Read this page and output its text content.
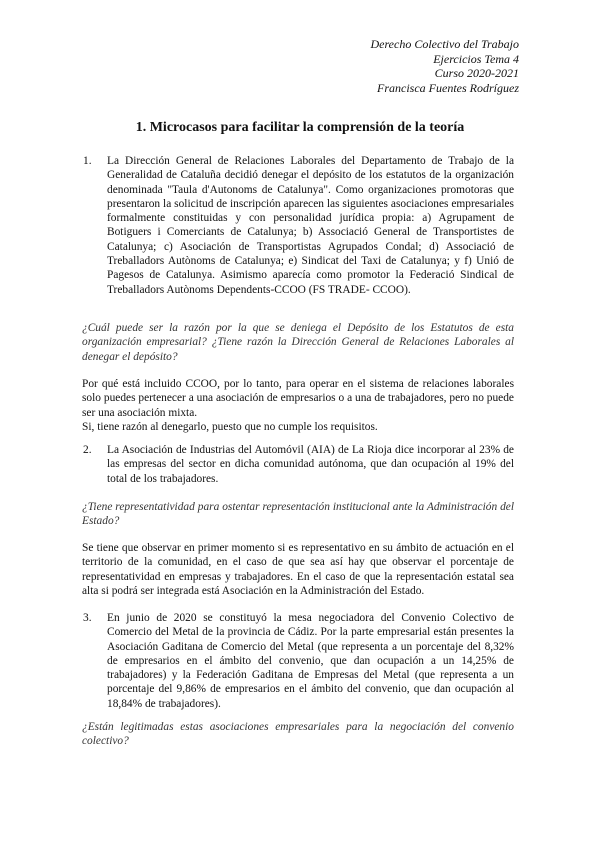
Derecho Colectivo del Trabajo
Ejercicios Tema 4
Curso 2020-2021
Francisca Fuentes Rodríguez
1. Microcasos para facilitar la comprensión de la teoría
1. La Dirección General de Relaciones Laborales del Departamento de Trabajo de la Generalidad de Cataluña decidió denegar el depósito de los estatutos de la organización denominada "Taula d'Autonoms de Catalunya". Como organizaciones promotoras que presentaron la solicitud de inscripción aparecen las siguientes asociaciones empresariales formalmente constituidas y con personalidad jurídica propia: a) Agrupament de Botiguers i Comerciants de Catalunya; b) Associació General de Transportistes de Catalunya; c) Asociación de Transportistas Agrupados Condal; d) Associació de Treballadors Autònoms de Catalunya; e) Sindicat del Taxi de Catalunya; y f) Unió de Pagesos de Catalunya. Asimismo aparecía como promotor la Federació Sindical de Treballadors Autònoms Dependents-CCOO (FS TRADE- CCOO).
¿Cuál puede ser la razón por la que se deniega el Depósito de los Estatutos de esta organización empresarial? ¿Tiene razón la Dirección General de Relaciones Laborales al denegar el depósito?

Por qué está incluido CCOO, por lo tanto, para operar en el sistema de relaciones laborales solo puedes pertenecer a una asociación de empresarios o a una de trabajadores, pero no puede ser una asociación mixta.

Si, tiene razón al denegarlo, puesto que no cumple los requisitos.

2. La Asociación de Industrias del Automóvil (AIA) de La Rioja dice incorporar al 23% de las empresas del sector en dicha comunidad autónoma, que dan ocupación al 19% del total de los trabajadores.
¿Tiene representatividad para ostentar representación institucional ante la Administración del Estado?

Se tiene que observar en primer momento si es representativo en su ámbito de actuación en el territorio de la comunidad, en el caso de que sea así hay que observar el porcentaje de representatividad en empresas y trabajadores. En el caso de que la representación estatal sea alta si podrá ser integrada está Asociación en la Administración del Estado.

3. En junio de 2020 se constituyó la mesa negociadora del Convenio Colectivo de Comercio del Metal de la provincia de Cádiz. Por la parte empresarial están presentes la Asociación Gaditana de Comercio del Metal (que representa a un porcentaje del 8,32% de empresarios en el ámbito del convenio, que dan ocupación a un 14,25% de trabajadores) y la Federación Gaditana de Empresas del Metal (que representa a un porcentaje del 9,86% de empresarios en el ámbito del convenio, que dan ocupación al 18,84% de trabajadores).
¿Están legitimadas estas asociaciones empresariales para la negociación del convenio colectivo?
